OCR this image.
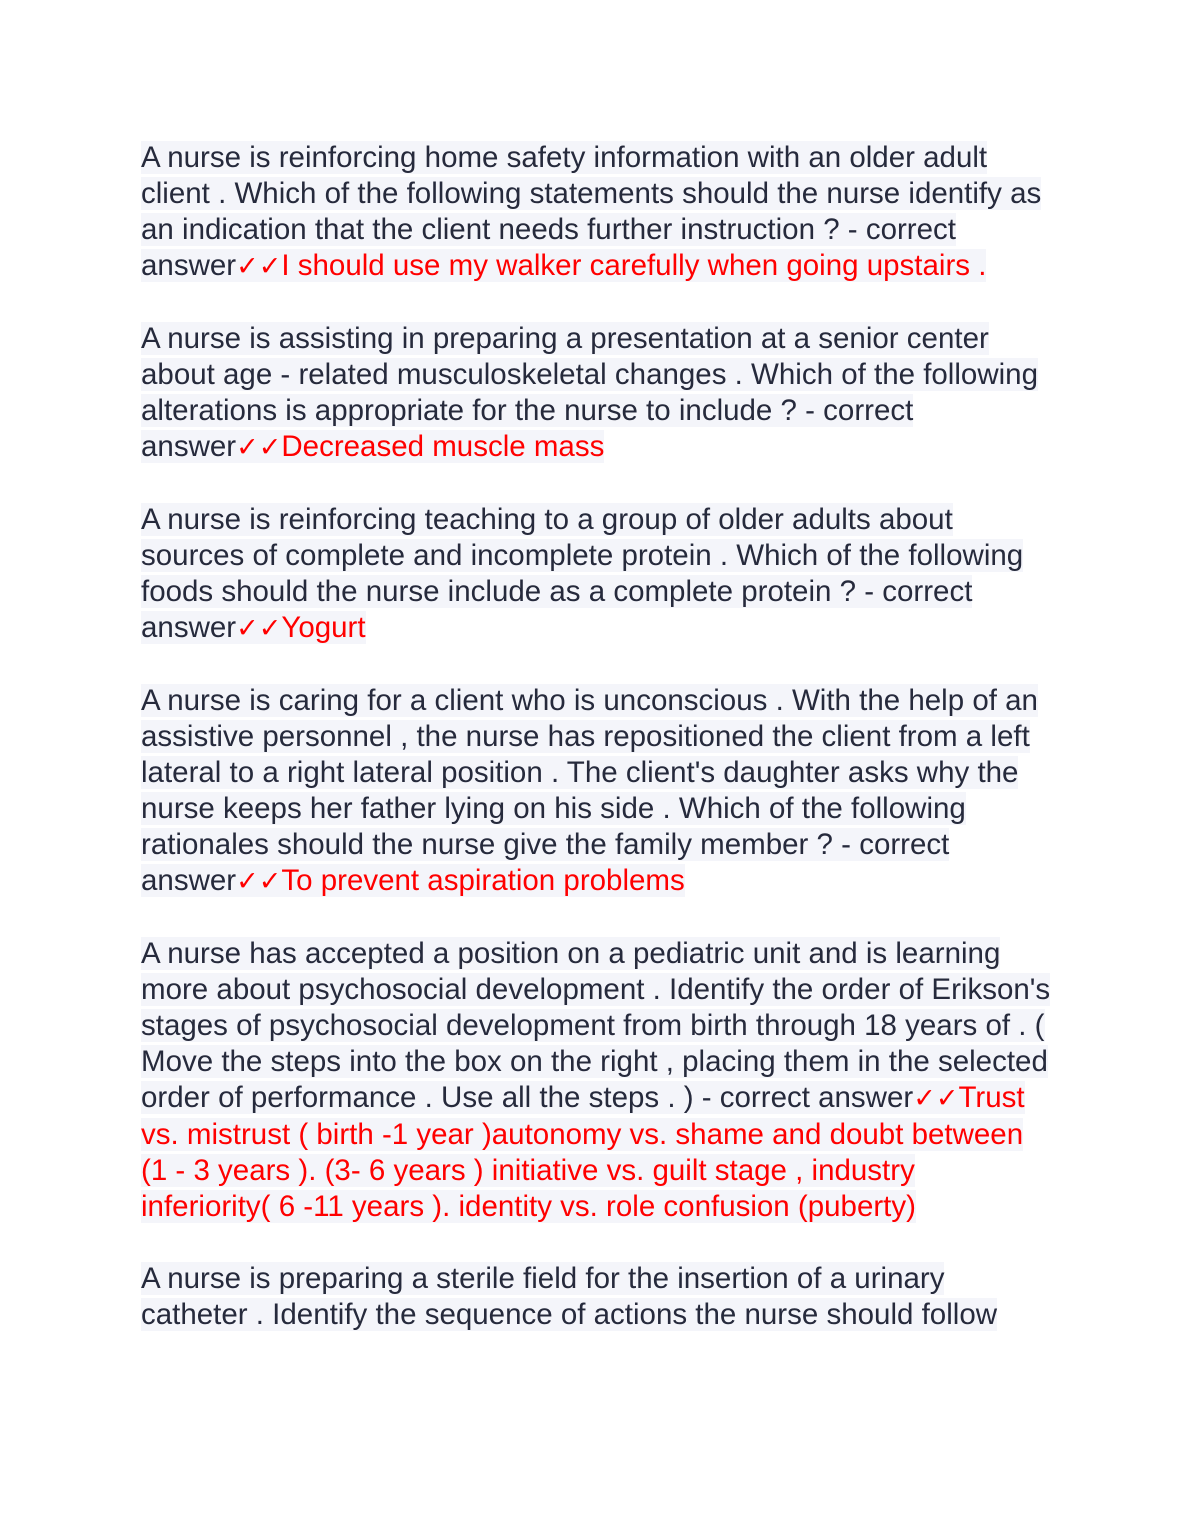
A nurse is reinforcing home safety information with an older adult client . Which of the following statements should the nurse identify as an indication that the client needs further instruction ? - correct answer✓✓I should use my walker carefully when going upstairs .

A nurse is assisting in preparing a presentation at a senior center about age - related musculoskeletal changes . Which of the following alterations is appropriate for the nurse to include ? - correct answer✓✓Decreased muscle mass

A nurse is reinforcing teaching to a group of older adults about sources of complete and incomplete protein . Which of the following foods should the nurse include as a complete protein ? - correct answer✓✓Yogurt

A nurse is caring for a client who is unconscious . With the help of an assistive personnel , the nurse has repositioned the client from a left lateral to a right lateral position . The client's daughter asks why the nurse keeps her father lying on his side . Which of the following rationales should the nurse give the family member ? - correct answer✓✓To prevent aspiration problems

A nurse has accepted a position on a pediatric unit and is learning more about psychosocial development . Identify the order of Erikson's stages of psychosocial development from birth through 18 years of . ( Move the steps into the box on the right , placing them in the selected order of performance . Use all the steps . ) - correct answer✓✓Trust vs. mistrust ( birth -1 year )autonomy vs. shame and doubt between (1 - 3 years ). (3- 6 years ) initiative vs. guilt stage , industry inferiority( 6 -11 years ). identity vs. role confusion (puberty)

A nurse is preparing a sterile field for the insertion of a urinary catheter . Identify the sequence of actions the nurse should follow
